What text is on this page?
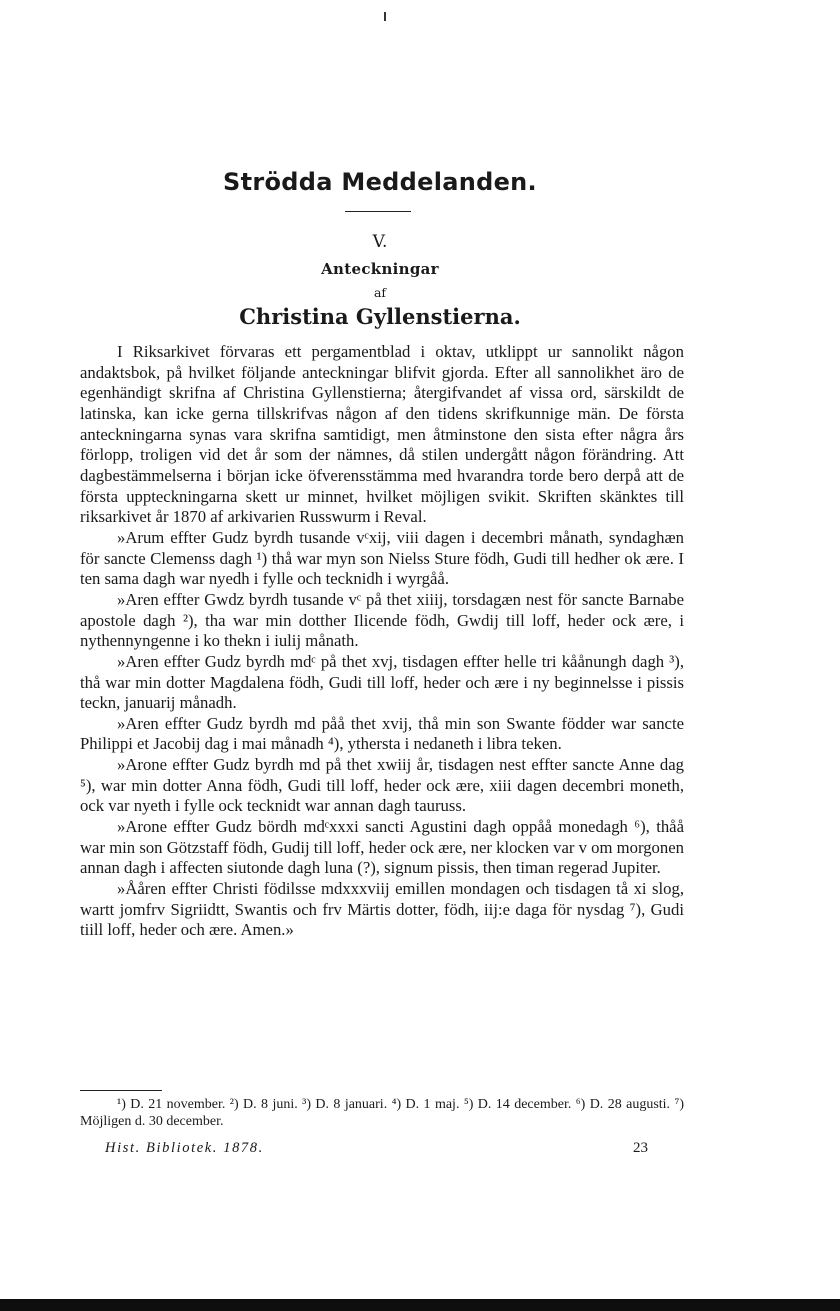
Strödda Meddelanden.
V.
Anteckningar
af
Christina Gyllenstierna.

I Riksarkivet förvaras ett pergamentblad i oktav, utklippt ur sannolikt någon andaktsbok, på hvilket följande anteckningar blifvit gjorda. Efter all sannolikhet äro de egenhändigt skrifna af Christina Gyllenstierna; återgifvandet af vissa ord, särskildt de latinska, kan icke gerna tillskrifvas någon af den tidens skrifkunnige män. De första anteckningarna synas vara skrifna samtidigt, men åtminstone den sista efter några års förlopp, troligen vid det år som der nämnes, då stilen undergått någon förändring. Att dagbestämmelserna i början icke öfverensstämma med hvarandra torde bero derpå att de första uppteckningarna skett ur minnet, hvilket möjligen svikit. Skriften skänktes till riksarkivet år 1870 af arkivarien Russwurm i Reval.

»Arum effter Gudz byrdh tusande vᶜxij, viii dagen i decembri månath, syndaghæn för sancte Clemenss dagh ¹) thå war myn son Nielss Sture födh, Gudi till hedher ok ære. I ten sama dagh war nyedh i fylle och tecknidh i wyrgåå.

»Aren effter Gwdz byrdh tusande vᶜ på thet xiiij, torsdagæn nest för sancte Barnabe apostole dagh ²), tha war min dotther Ilicende födh, Gwdij till loff, heder ock ære, i nythennyngenne i ko thekn i iulij månath.

»Aren effter Gudz byrdh mdᶜ på thet xvj, tisdagen effter helle tri kåånungh dagh ³), thå war min dotter Magdalena födh, Gudi till loff, heder och ære i ny beginnelsse i pissis teckn, januarij månadh.

»Aren effter Gudz byrdh md påå thet xvij, thå min son Swante födder war sancte Philippi et Jacobij dag i mai månadh ⁴), ythersta i nedaneth i libra teken.

»Arone effter Gudz byrdh md på thet xwiij år, tisdagen nest effter sancte Anne dag ⁵), war min dotter Anna födh, Gudi till loff, heder ock ære, xiii dagen decembri moneth, ock var nyeth i fylle ock tecknidt war annan dagh tauruss.

»Arone effter Gudz bördh mdᶜxxxi sancti Agustini dagh oppåå monedagh ⁶), thåå war min son Götzstaff födh, Gudij till loff, heder ock ære, ner klocken var v om morgonen annan dagh i affecten siutonde dagh luna (?), signum pissis, then timan regerad Jupiter.

»Ååren effter Christi födilsse mdxxxviij emillen mondagen och tisdagen tå xi slog, wartt jomfrv Sigriidtt, Swantis och frv Märtis dotter, födh, iij:e daga för nysdag ⁷), Gudi tiill loff, heder och ære. Amen.»

¹) D. 21 november. ²) D. 8 juni. ³) D. 8 januari. ⁴) D. 1 maj. ⁵) D. 14 december. ⁶) D. 28 augusti. ⁷) Möjligen d. 30 december.

Hist. Bibliotek. 1878.	23
